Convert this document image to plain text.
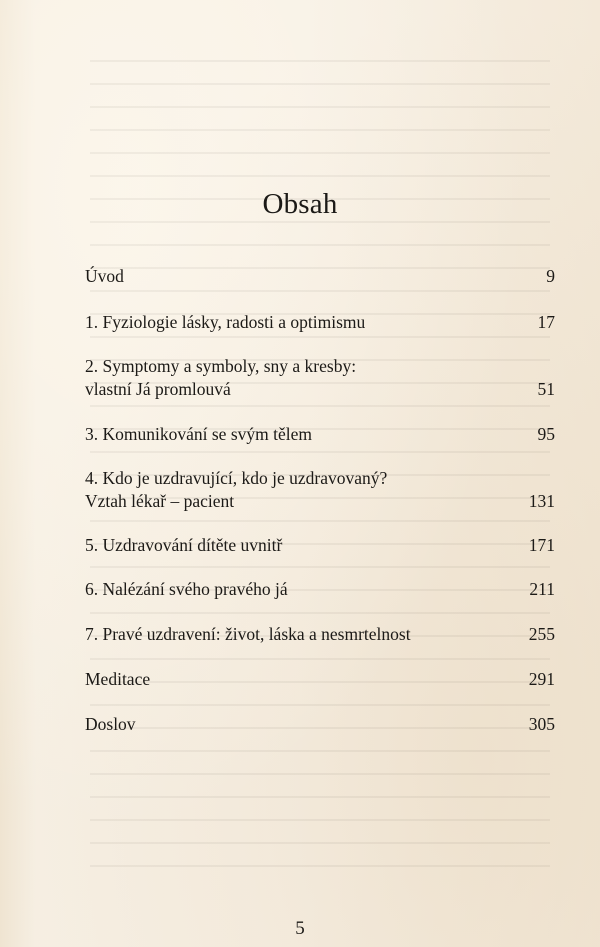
Obsah
Úvod	9
1. Fyziologie lásky, radosti a optimismu	17
2. Symptomy a symboly, sny a kresby:
vlastní Já promlouvá	51
3. Komunikování se svým tělem	95
4. Kdo je uzdravující, kdo je uzdravovaný?
Vztah lékař – pacient	131
5. Uzdravování dítěte uvnitř	171
6. Nalézání svého pravého já	211
7. Pravé uzdravení: život, láska a nesmrtelnost	255
Meditace	291
Doslov	305
5
